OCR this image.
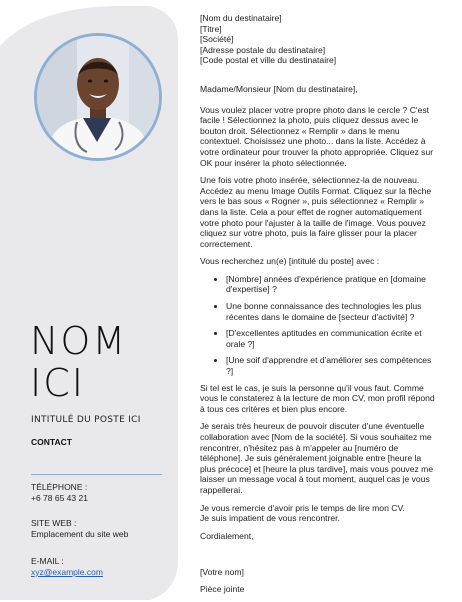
NOM
ICI
INTITULÉ DU POSTE ICI
CONTACT
TÉLÉPHONE :
+6 78 65 43 21
SITE WEB :
Emplacement du site web
E-MAIL :
xyz@example.com
[Nom du destinataire]
[Titre]
[Société]
[Adresse postale du destinataire]
[Code postal et ville du destinataire]

Madame/Monsieur [Nom du destinataire],

Vous voulez placer votre propre photo dans le cercle ? C'est facile ! Sélectionnez la photo, puis cliquez dessus avec le bouton droit. Sélectionnez « Remplir » dans le menu contextuel. Choisissez une photo... dans la liste. Accédez à votre ordinateur pour trouver la photo appropriée. Cliquez sur OK pour insérer la photo sélectionnée.

Une fois votre photo insérée, sélectionnez-la de nouveau. Accédez au menu Image Outils Format. Cliquez sur la flèche vers le bas sous « Rogner », puis sélectionnez « Remplir » dans la liste. Cela a pour effet de rogner automatiquement votre photo pour l'ajuster à la taille de l'image. Vous pouvez cliquez sur votre photo, puis la faire glisser pour la placer correctement.

Vous recherchez un(e) [intitulé du poste] avec :

• [Nombre] années d'expérience pratique en [domaine d'expertise] ?
• Une bonne connaissance des technologies les plus récentes dans le domaine de [secteur d'activité] ?
• [D'excellentes aptitudes en communication écrite et orale ?]
• [Une soif d'apprendre et d'améliorer ses compétences ?]

Si tel est le cas, je suis la personne qu'il vous faut. Comme vous le constaterez à la lecture de mon CV, mon profil répond à tous ces critères et bien plus encore.

Je serais très heureux de pouvoir discuter d'une éventuelle collaboration avec [Nom de la société]. Si vous souhaitez me rencontrer, n'hésitez pas à m'appeler au [numéro de téléphone]. Je suis généralement joignable entre [heure la plus précoce] et [heure la plus tardive], mais vous pouvez me laisser un message vocal à tout moment, auquel cas je vous rappellerai.

Je vous remercie d'avoir pris le temps de lire mon CV.
Je suis impatient de vous rencontrer.

Cordialement,

[Votre nom]

Pièce jointe
